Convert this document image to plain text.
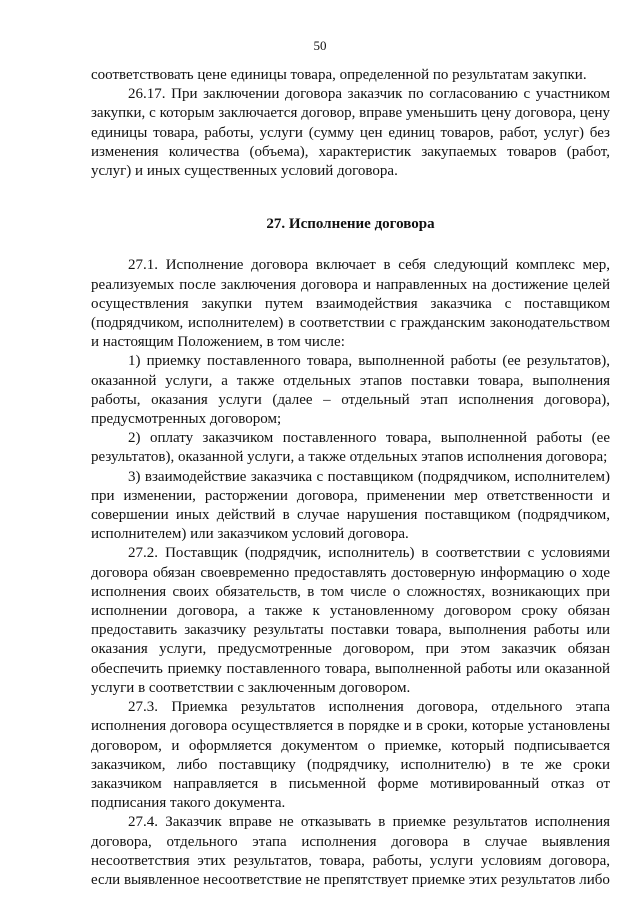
50

соответствовать цене единицы товара, определенной по результатам закупки.

26.17. При заключении договора заказчик по согласованию с участником закупки, с которым заключается договор, вправе уменьшить цену договора, цену единицы товара, работы, услуги (сумму цен единиц товаров, работ, услуг) без изменения количества (объема), характеристик закупаемых товаров (работ, услуг) и иных существенных условий договора.

27. Исполнение договора

27.1. Исполнение договора включает в себя следующий комплекс мер, реализуемых после заключения договора и направленных на достижение целей осуществления закупки путем взаимодействия заказчика с поставщиком (подрядчиком, исполнителем) в соответствии с гражданским законодательством и настоящим Положением, в том числе:

1) приемку поставленного товара, выполненной работы (ее результатов), оказанной услуги, а также отдельных этапов поставки товара, выполнения работы, оказания услуги (далее – отдельный этап исполнения договора), предусмотренных договором;

2) оплату заказчиком поставленного товара, выполненной работы (ее результатов), оказанной услуги, а также отдельных этапов исполнения договора;

3) взаимодействие заказчика с поставщиком (подрядчиком, исполнителем) при изменении, расторжении договора, применении мер ответственности и совершении иных действий в случае нарушения поставщиком (подрядчиком, исполнителем) или заказчиком условий договора.

27.2. Поставщик (подрядчик, исполнитель) в соответствии с условиями договора обязан своевременно предоставлять достоверную информацию о ходе исполнения своих обязательств, в том числе о сложностях, возникающих при исполнении договора, а также к установленному договором сроку обязан предоставить заказчику результаты поставки товара, выполнения работы или оказания услуги, предусмотренные договором, при этом заказчик обязан обеспечить приемку поставленного товара, выполненной работы или оказанной услуги в соответствии с заключенным договором.

27.3. Приемка результатов исполнения договора, отдельного этапа исполнения договора осуществляется в порядке и в сроки, которые установлены договором, и оформляется документом о приемке, который подписывается заказчиком, либо поставщику (подрядчику, исполнителю) в те же сроки заказчиком направляется в письменной форме мотивированный отказ от подписания такого документа.

27.4. Заказчик вправе не отказывать в приемке результатов исполнения договора, отдельного этапа исполнения договора в случае выявления несоответствия этих результатов, товара, работы, услуги условиям договора, если выявленное несоответствие не препятствует приемке этих результатов либо
